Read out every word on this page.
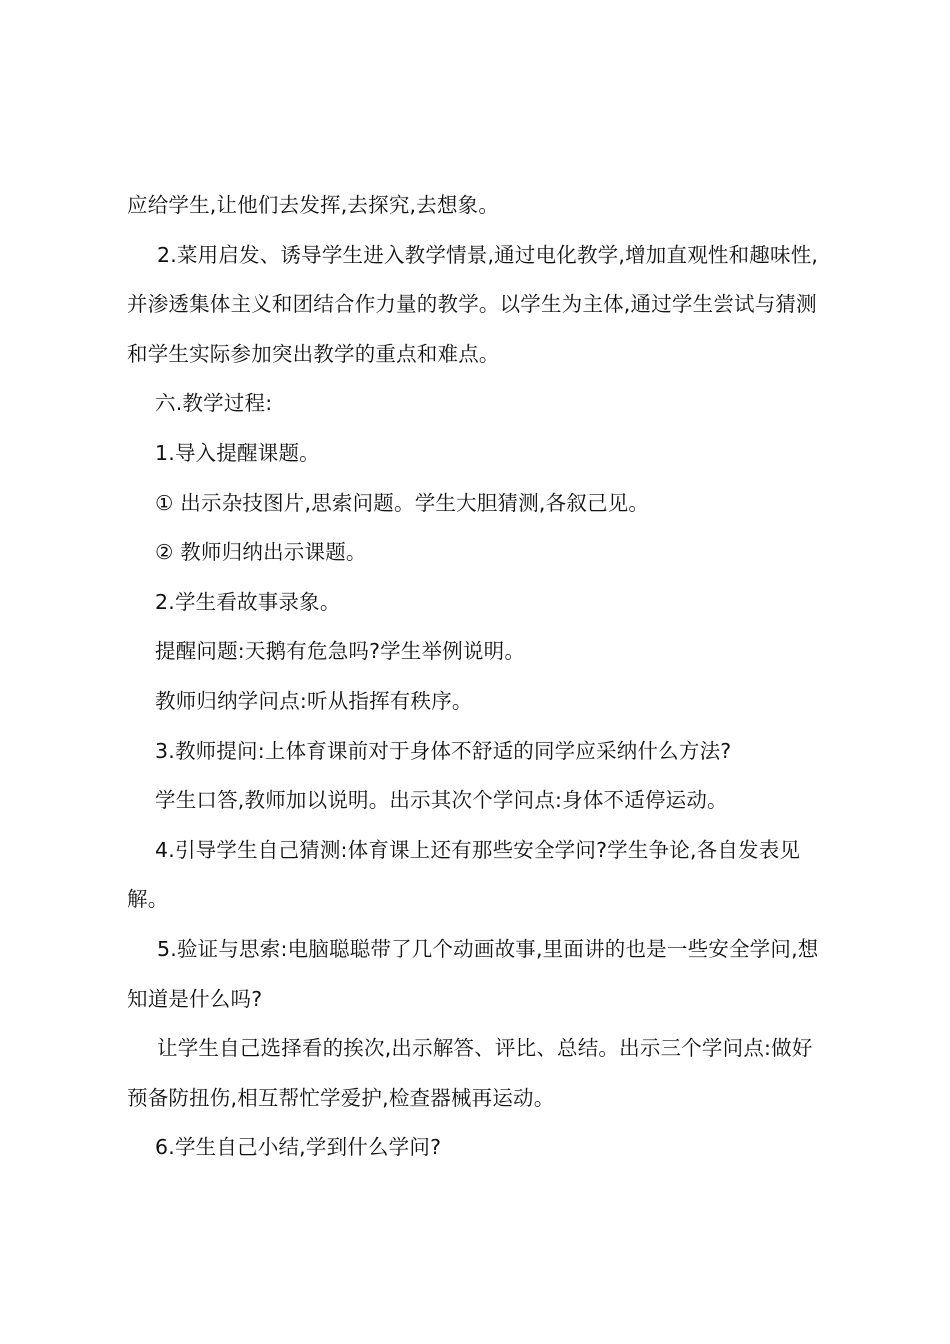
应给学生,让他们去发挥,去探究,去想象。

2.菜用启发、诱导学生进入教学情景,通过电化教学,增加直观性和趣味性,并渗透集体主义和团结合作力量的教学。以学生为主体,通过学生尝试与猜测和学生实际参加突出教学的重点和难点。

六.教学过程:

1.导入提醒课题。

① 出示杂技图片,思索问题。学生大胆猜测,各叙己见。

② 教师归纳出示课题。

2.学生看故事录象。

提醒问题:天鹅有危急吗?学生举例说明。

教师归纳学问点:听从指挥有秩序。

3.教师提问:上体育课前对于身体不舒适的同学应采纳什么方法?

学生口答,教师加以说明。出示其次个学问点:身体不适停运动。

4.引导学生自己猜测:体育课上还有那些安全学问?学生争论,各自发表见解。

5.验证与思索:电脑聪聪带了几个动画故事,里面讲的也是一些安全学问,想知道是什么吗?

让学生自己选择看的挨次,出示解答、评比、总结。出示三个学问点:做好预备防扭伤,相互帮忙学爱护,检查器械再运动。

6.学生自己小结,学到什么学问?
